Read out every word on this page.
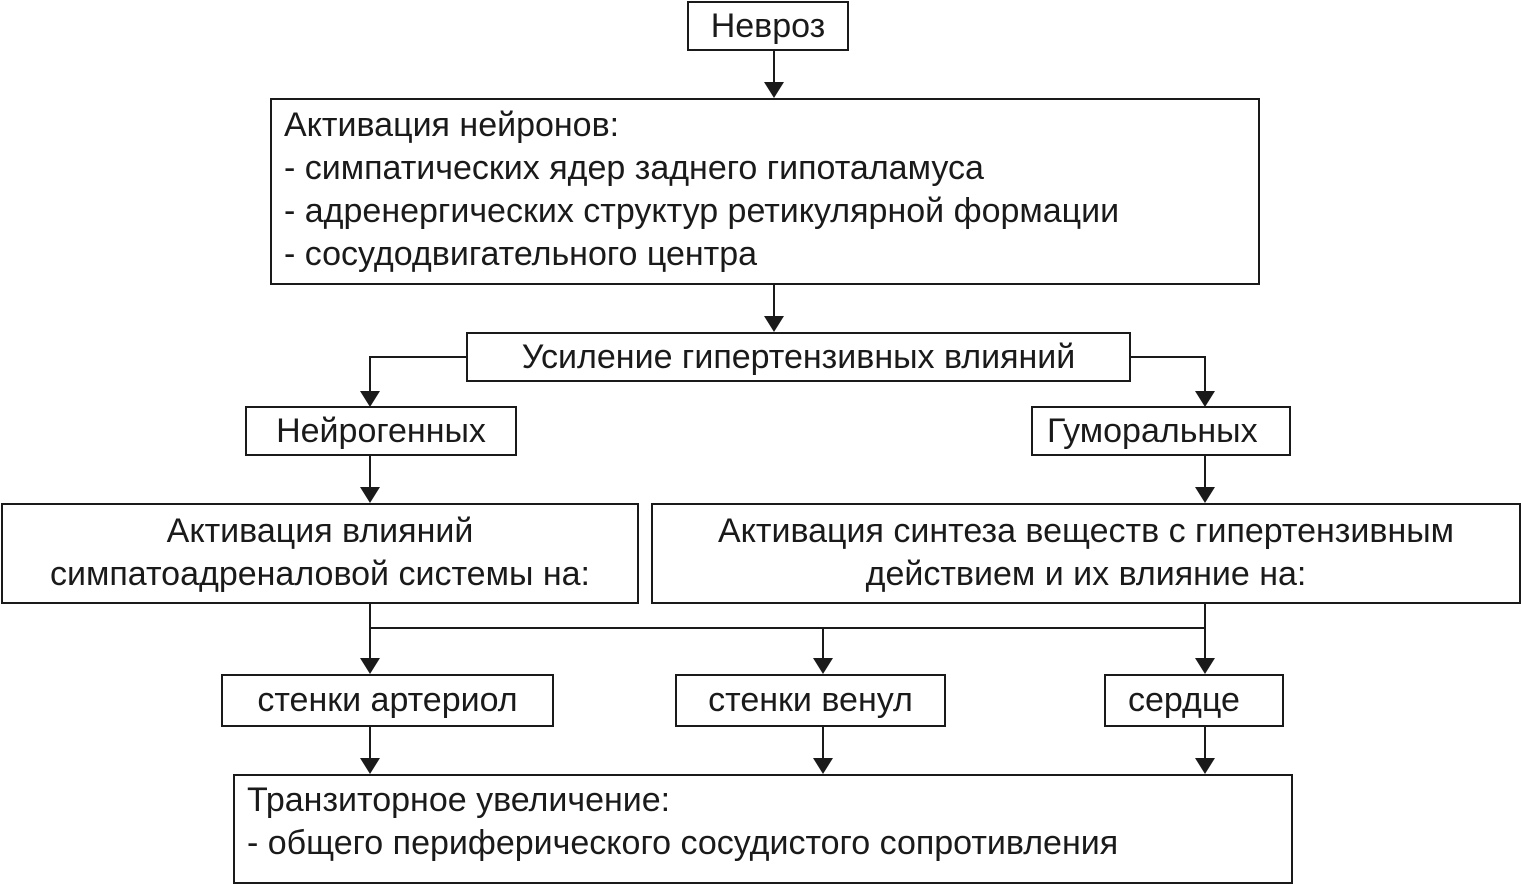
Невроз
Активация нейронов:
- симпатических ядер заднего гипоталамуса
- адренергических структур ретикулярной формации
- сосудодвигательного центра
Усиление гипертензивных влияний
Нейрогенных	Гуморальных
Активация влияний
симпатоадреналовой системы на:
Активация синтеза веществ с гипертензивным
действием и их влияние на:
стенки артериол	стенки венул	сердце
Транзиторное увеличение:
- общего периферического сосудистого сопротивления
